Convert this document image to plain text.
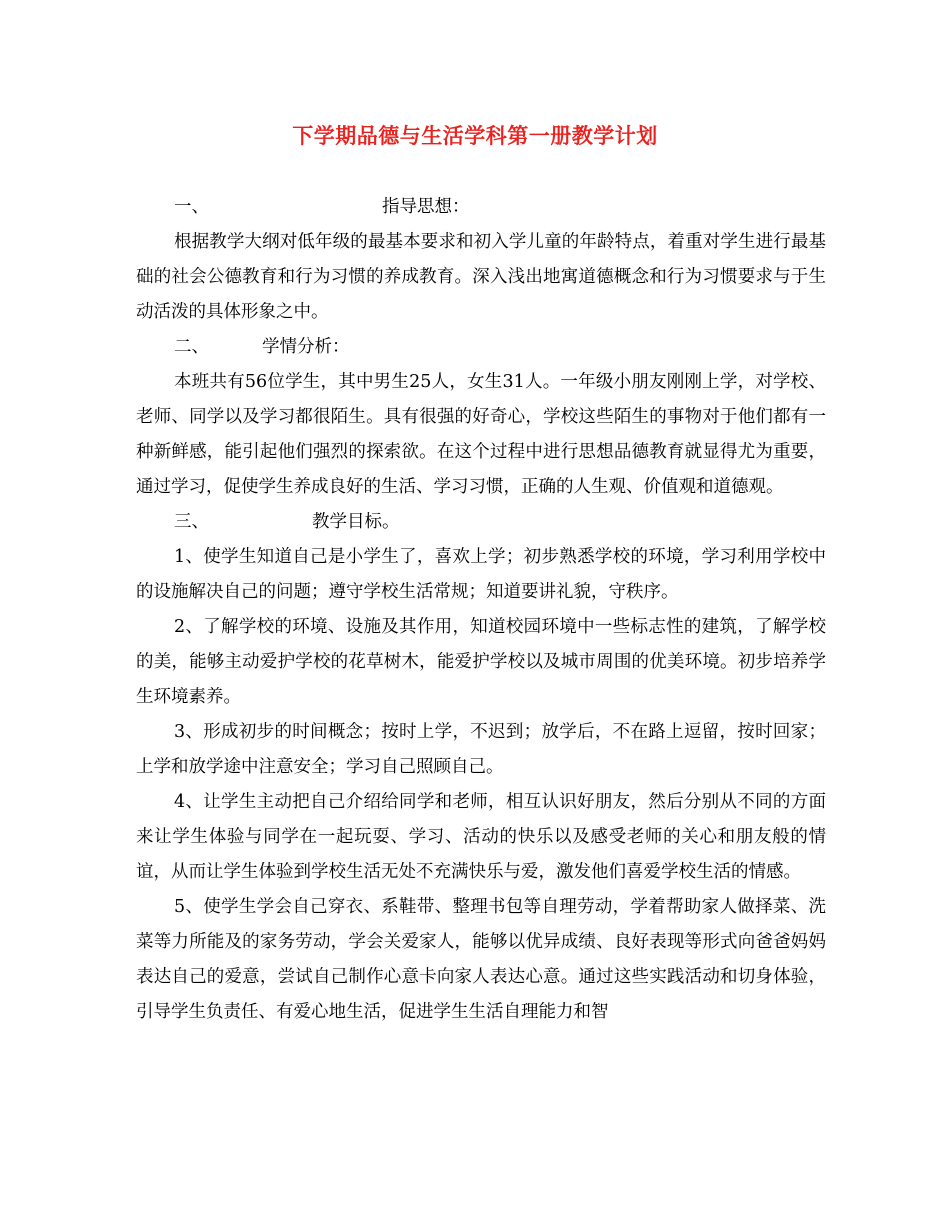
下学期品德与生活学科第一册教学计划

一、	指导思想：

根据教学大纲对低年级的最基本要求和初入学儿童的年龄特点，着重对学生进行最基础的社会公德教育和行为习惯的养成教育。深入浅出地寓道德概念和行为习惯要求与于生动活泼的具体形象之中。

二、	学情分析：

本班共有56位学生，其中男生25人，女生31人。一年级小朋友刚刚上学，对学校、老师、同学以及学习都很陌生。具有很强的好奇心，学校这些陌生的事物对于他们都有一种新鲜感，能引起他们强烈的探索欲。在这个过程中进行思想品德教育就显得尤为重要，通过学习，促使学生养成良好的生活、学习习惯，正确的人生观、价值观和道德观。

三、	教学目标。

1、使学生知道自己是小学生了，喜欢上学；初步熟悉学校的环境，学习利用学校中的设施解决自己的问题；遵守学校生活常规；知道要讲礼貌，守秩序。

2、了解学校的环境、设施及其作用，知道校园环境中一些标志性的建筑，了解学校的美，能够主动爱护学校的花草树木，能爱护学校以及城市周围的优美环境。初步培养学生环境素养。

3、形成初步的时间概念；按时上学，不迟到；放学后，不在路上逗留，按时回家；上学和放学途中注意安全；学习自己照顾自己。

4、让学生主动把自己介绍给同学和老师，相互认识好朋友，然后分别从不同的方面来让学生体验与同学在一起玩耍、学习、活动的快乐以及感受老师的关心和朋友般的情谊，从而让学生体验到学校生活无处不充满快乐与爱，激发他们喜爱学校生活的情感。

5、使学生学会自己穿衣、系鞋带、整理书包等自理劳动，学着帮助家人做择菜、洗菜等力所能及的家务劳动，学会关爱家人，能够以优异成绩、良好表现等形式向爸爸妈妈表达自己的爱意，尝试自己制作心意卡向家人表达心意。通过这些实践活动和切身体验，引导学生负责任、有爱心地生活，促进学生生活自理能力和智
